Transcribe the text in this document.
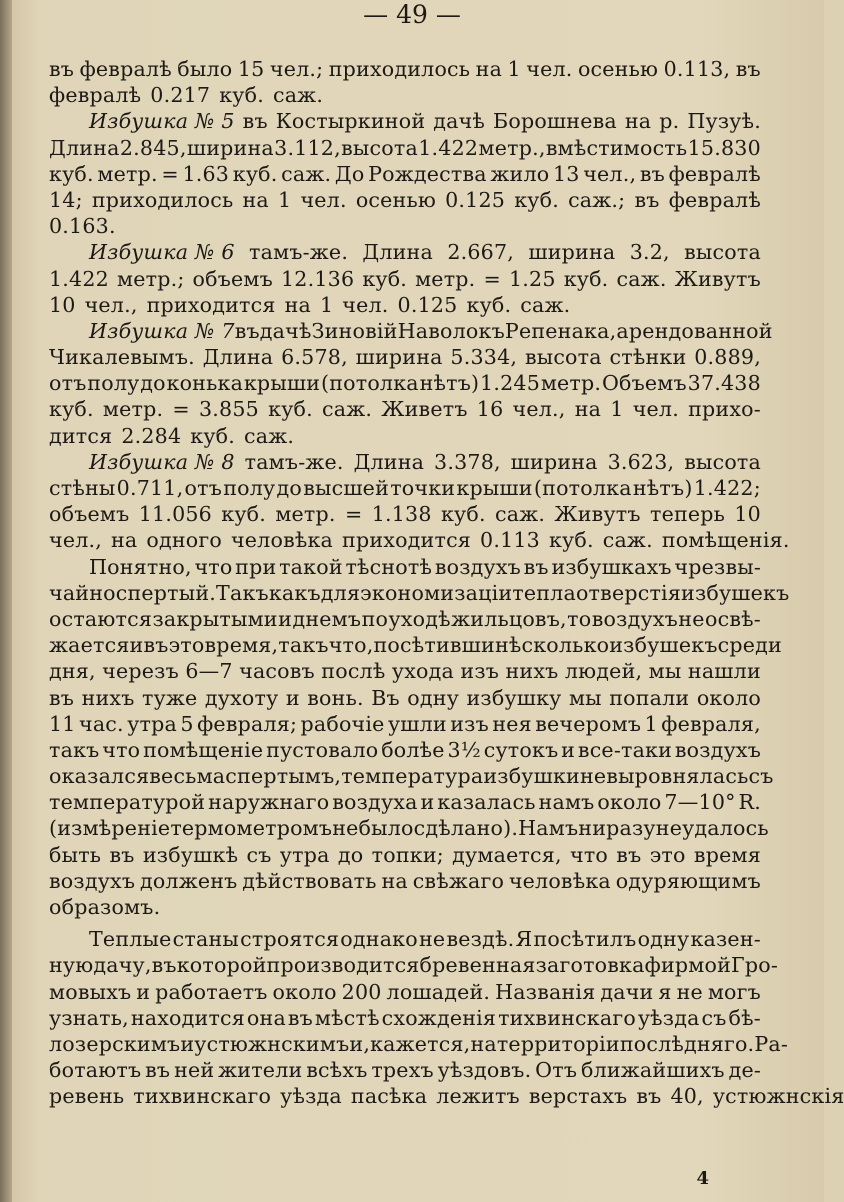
— 49 —
въ февралѣ было 15 чел.; приходилось на 1 чел. осенью 0.113, въ
февралѣ 0.217 куб. саж.
Избушка № 5 въ Костыркиной дачѣ Борошнева на р. Пузуѣ.
Длина 2.845, ширина 3.112, высота 1.422 метр., вмѣстимость 15.830
куб. метр. = 1.63 куб. саж. До Рождества жило 13 чел., въ февралѣ
14; приходилось на 1 чел. осенью 0.125 куб. саж.; въ февралѣ
0.163.
Избушка № 6 тамъ-же. Длина 2.667, ширина 3.2, высота
1.422 метр.; объемъ 12.136 куб. метр. = 1.25 куб. саж. Живутъ
10 чел., приходится на 1 чел. 0.125 куб. саж.
Избушка № 7 въ дачѣ Зиновій Наволокъ Репенака, арендованной
Чикалевымъ. Длина 6.578, ширина 5.334, высота стѣнки 0.889,
отъ полу до конька крыши (потолка нѣтъ) 1.245 метр. Объемъ 37.438
куб. метр. = 3.855 куб. саж. Живетъ 16 чел., на 1 чел. прихо-
дится 2.284 куб. саж.
Избушка № 8 тамъ-же. Длина 3.378, ширина 3.623, высота
стѣны 0.711, отъ полу до высшей точки крыши (потолка нѣтъ) 1.422;
объемъ 11.056 куб. метр. = 1.138 куб. саж. Живутъ теперь 10
чел., на одного человѣка приходится 0.113 куб. саж. помѣщенія.
Понятно, что при такой тѣснотѣ воздухъ въ избушкахъ чрезвы-
чайно спертый. Такъ какъ для экономизаціи тепла отверстія избушекъ
остаются закрытыми и днемъ по уходѣ жильцовъ, то воздухъ не освѣ-
жается и въ это время, такъ что, посѣтивши нѣсколько избушекъ среди
дня, черезъ 6—7 часовъ послѣ ухода изъ нихъ людей, мы нашли
въ нихъ туже духоту и вонь. Въ одну избушку мы попали около
11 час. утра 5 февраля; рабочіе ушли изъ нея вечеромъ 1 февраля,
такъ что помѣщеніе пустовало болѣе 3½ сутокъ и все-таки воздухъ
оказался весьма спертымъ, температура избушки не выровнялась съ
температурой наружнаго воздуха и казалась намъ около 7—10° R.
(измѣреніе термометромъ не было сдѣлано). Намъ ни разу не удалось
быть въ избушкѣ съ утра до топки; думается, что въ это время
воздухъ долженъ дѣйствовать на свѣжаго человѣка одуряющимъ
образомъ.
Теплые станы строятся однако не вездѣ. Я посѣтилъ одну казен-
ную дачу, въ которой производится бревенная заготовка фирмой Гро-
мовыхъ и работаетъ около 200 лошадей. Названія дачи я не могъ
узнать, находится она въ мѣстѣ схожденія тихвинскаго уѣзда съ бѣ-
лозерскимъ и устюжнскимъ и, кажется, на территоріи послѣдняго. Ра-
ботаютъ въ ней жители всѣхъ трехъ уѣздовъ. Отъ ближайшихъ де-
ревень тихвинскаго уѣзда пасѣка лежитъ верстахъ въ 40, устюжнскія
4
